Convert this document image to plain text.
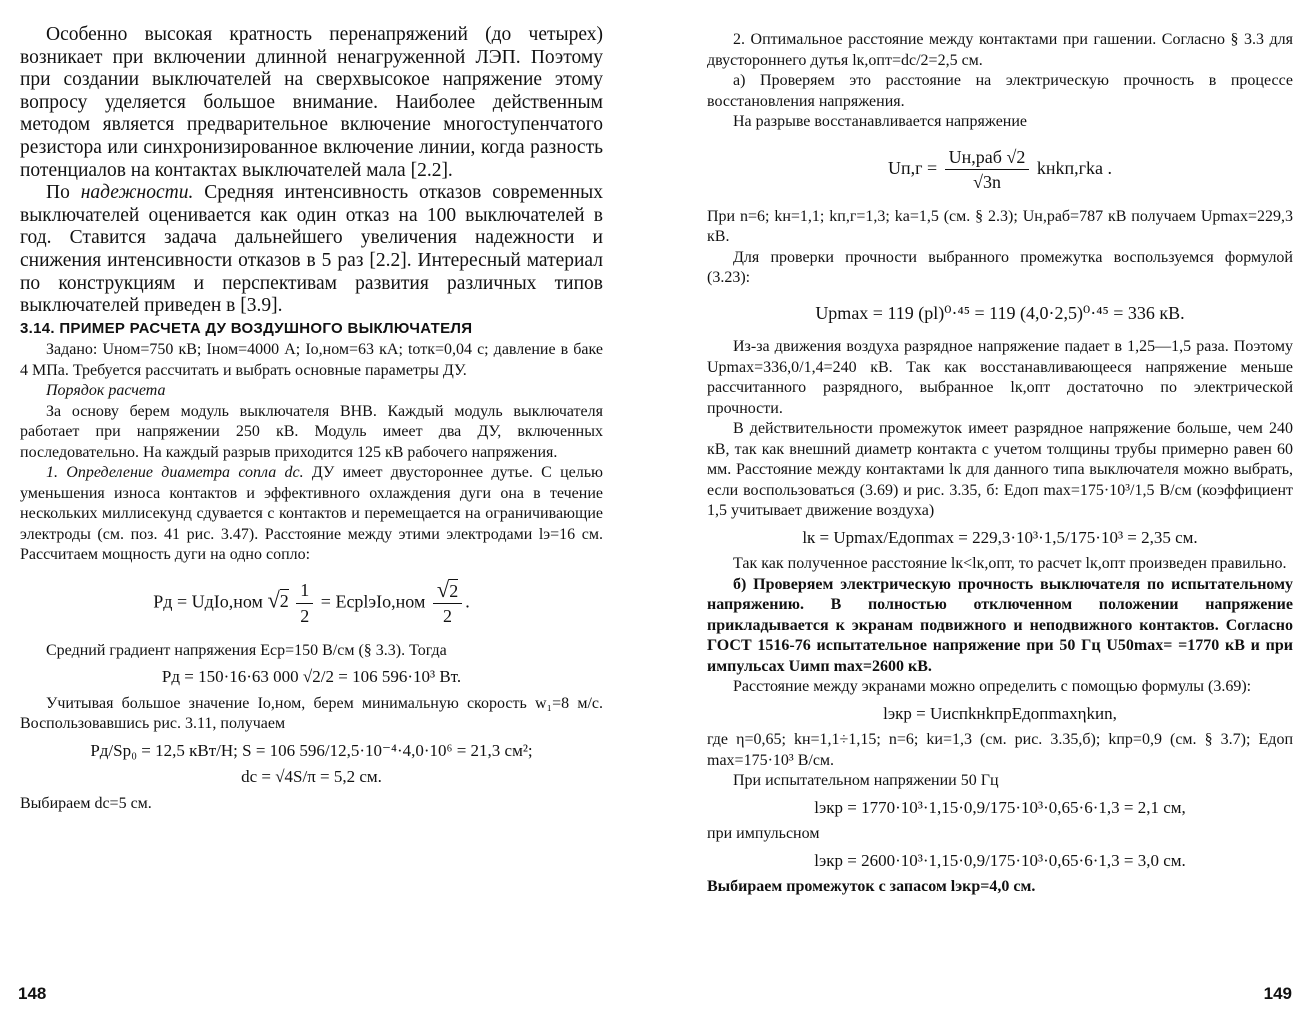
Особенно высокая кратность перенапряжений (до четырех) возникает при включении длинной ненагруженной ЛЭП. Поэтому при создании выключателей на сверхвысокое напряжение этому вопросу уделяется большое внимание. Наиболее действенным методом является предварительное включение многоступенчатого резистора или синхронизированное включение линии, когда разность потенциалов на контактах выключателей мала [2.2].

По надежности. Средняя интенсивность отказов современных выключателей оценивается как один отказ на 100 выключателей в год. Ставится задача дальнейшего увеличения надежности и снижения интенсивности отказов в 5 раз [2.2]. Интересный материал по конструкциям и перспективам развития различных типов выключателей приведен в [3.9].

3.14. ПРИМЕР РАСЧЕТА ДУ ВОЗДУШНОГО ВЫКЛЮЧАТЕЛЯ

Задано: Uном=750 кВ; Iном=4000 А; Iо,ном=63 кА; tотк=0,04 с; давление в баке 4 МПа. Требуется рассчитать и выбрать основные параметры ДУ.

Порядок расчета

За основу берем модуль выключателя ВНВ. Каждый модуль выключателя работает при напряжении 250 кВ. Модуль имеет два ДУ, включенных последовательно. На каждый разрыв приходится 125 кВ рабочего напряжения.

1. Определение диаметра сопла dс. ДУ имеет двустороннее дутье. С целью уменьшения износа контактов и эффективного охлаждения дуги она в течение нескольких миллисекунд сдувается с контактов и перемещается на ограничивающие электроды (см. поз. 41 рис. 3.47). Расстояние между этими электродами lэ=16 см. Рассчитаем мощность дуги на одно сопло:

Pд = UдIо,ном $√2 \frac{1}{2}$ = EсрlэIо,ном $\frac{√2}{2}$ .

Средний градиент напряжения Eср=150 В/см (§ 3.3). Тогда

Pд = 150·16·63 000 √2/2 = 106 596·10³ Вт.

Учитывая большое значение Iо,ном, берем минимальную скорость w₁=8 м/с. Воспользовавшись рис. 3.11, получаем

Pд/Sp₀ = 12,5 кВт/Н; S = 106 596/12,5·10⁻⁴·4,0·10⁶ = 21,3 см²;
dс = √4S/π = 5,2 см.

Выбираем dс=5 см.

148

2. Оптимальное расстояние между контактами при гашении. Согласно § 3.3 для двустороннего дутья lк,опт=dс/2=2,5 см.

а) Проверяем это расстояние на электрическую прочность в процессе восстановления напряжения.

На разрыве восстанавливается напряжение

$Uп,г = \frac{\text{Uн,раб √2}}{√3n}$ kнkп,гkа .

При n=6; kн=1,1; kп,г=1,3; kа=1,5 (см. § 2.3); Uн,раб=787 кВ получаем Upmax=229,3 кВ.

Для проверки прочности выбранного промежутка воспользуемся формулой (3.23):

Upmax = 119 (pl)⁰·⁴⁵ = 119 (4,0·2,5)⁰·⁴⁵ = 336 кВ.

Из-за движения воздуха разрядное напряжение падает в 1,25—1,5 раза. Поэтому Upmax=336,0/1,4=240 кВ. Так как восстанавливающееся напряжение меньше рассчитанного разрядного, выбранное lк,опт достаточно по электрической прочности.

В действительности промежуток имеет разрядное напряжение больше, чем 240 кВ, так как внешний диаметр контакта с учетом толщины трубы примерно равен 60 мм. Расстояние между контактами lк для данного типа выключателя можно выбрать, если воспользоваться (3.69) и рис. 3.35, б: Eдоп max=175·10³/1,5 В/см (коэффициент 1,5 учитывает движение воздуха)

lк = Upmax/Eдопmax = 229,3·10³·1,5/175·10³ = 2,35 см.

Так как полученное расстояние lк<lк,опт, то расчет lк,опт произведен правильно.

б) Проверяем электрическую прочность выключателя по испытательному напряжению. В полностью отключенном положении напряжение прикладывается к экранам подвижного и неподвижного контактов. Согласно ГОСТ 1516-76 испытательное напряжение при 50 Гц U50max= =1770 кВ и при импульсах Uимп max=2600 кВ.

Расстояние между экранами можно определить с помощью формулы (3.69):

lэкр = UиспkнkпрEдопmaxηkиn,

где η=0,65; kн=1,1÷1,15; n=6; kи=1,3 (см. рис. 3.35,б); kпр=0,9 (см. § 3.7); Eдоп max=175·10³ В/см.

При испытательном напряжении 50 Гц

lэкр = 1770·10³·1,15·0,9/175·10³·0,65·6·1,3 = 2,1 см,

при импульсном

lэкр = 2600·10³·1,15·0,9/175·10³·0,65·6·1,3 = 3,0 см.

Выбираем промежуток с запасом lэкр=4,0 см.

149
